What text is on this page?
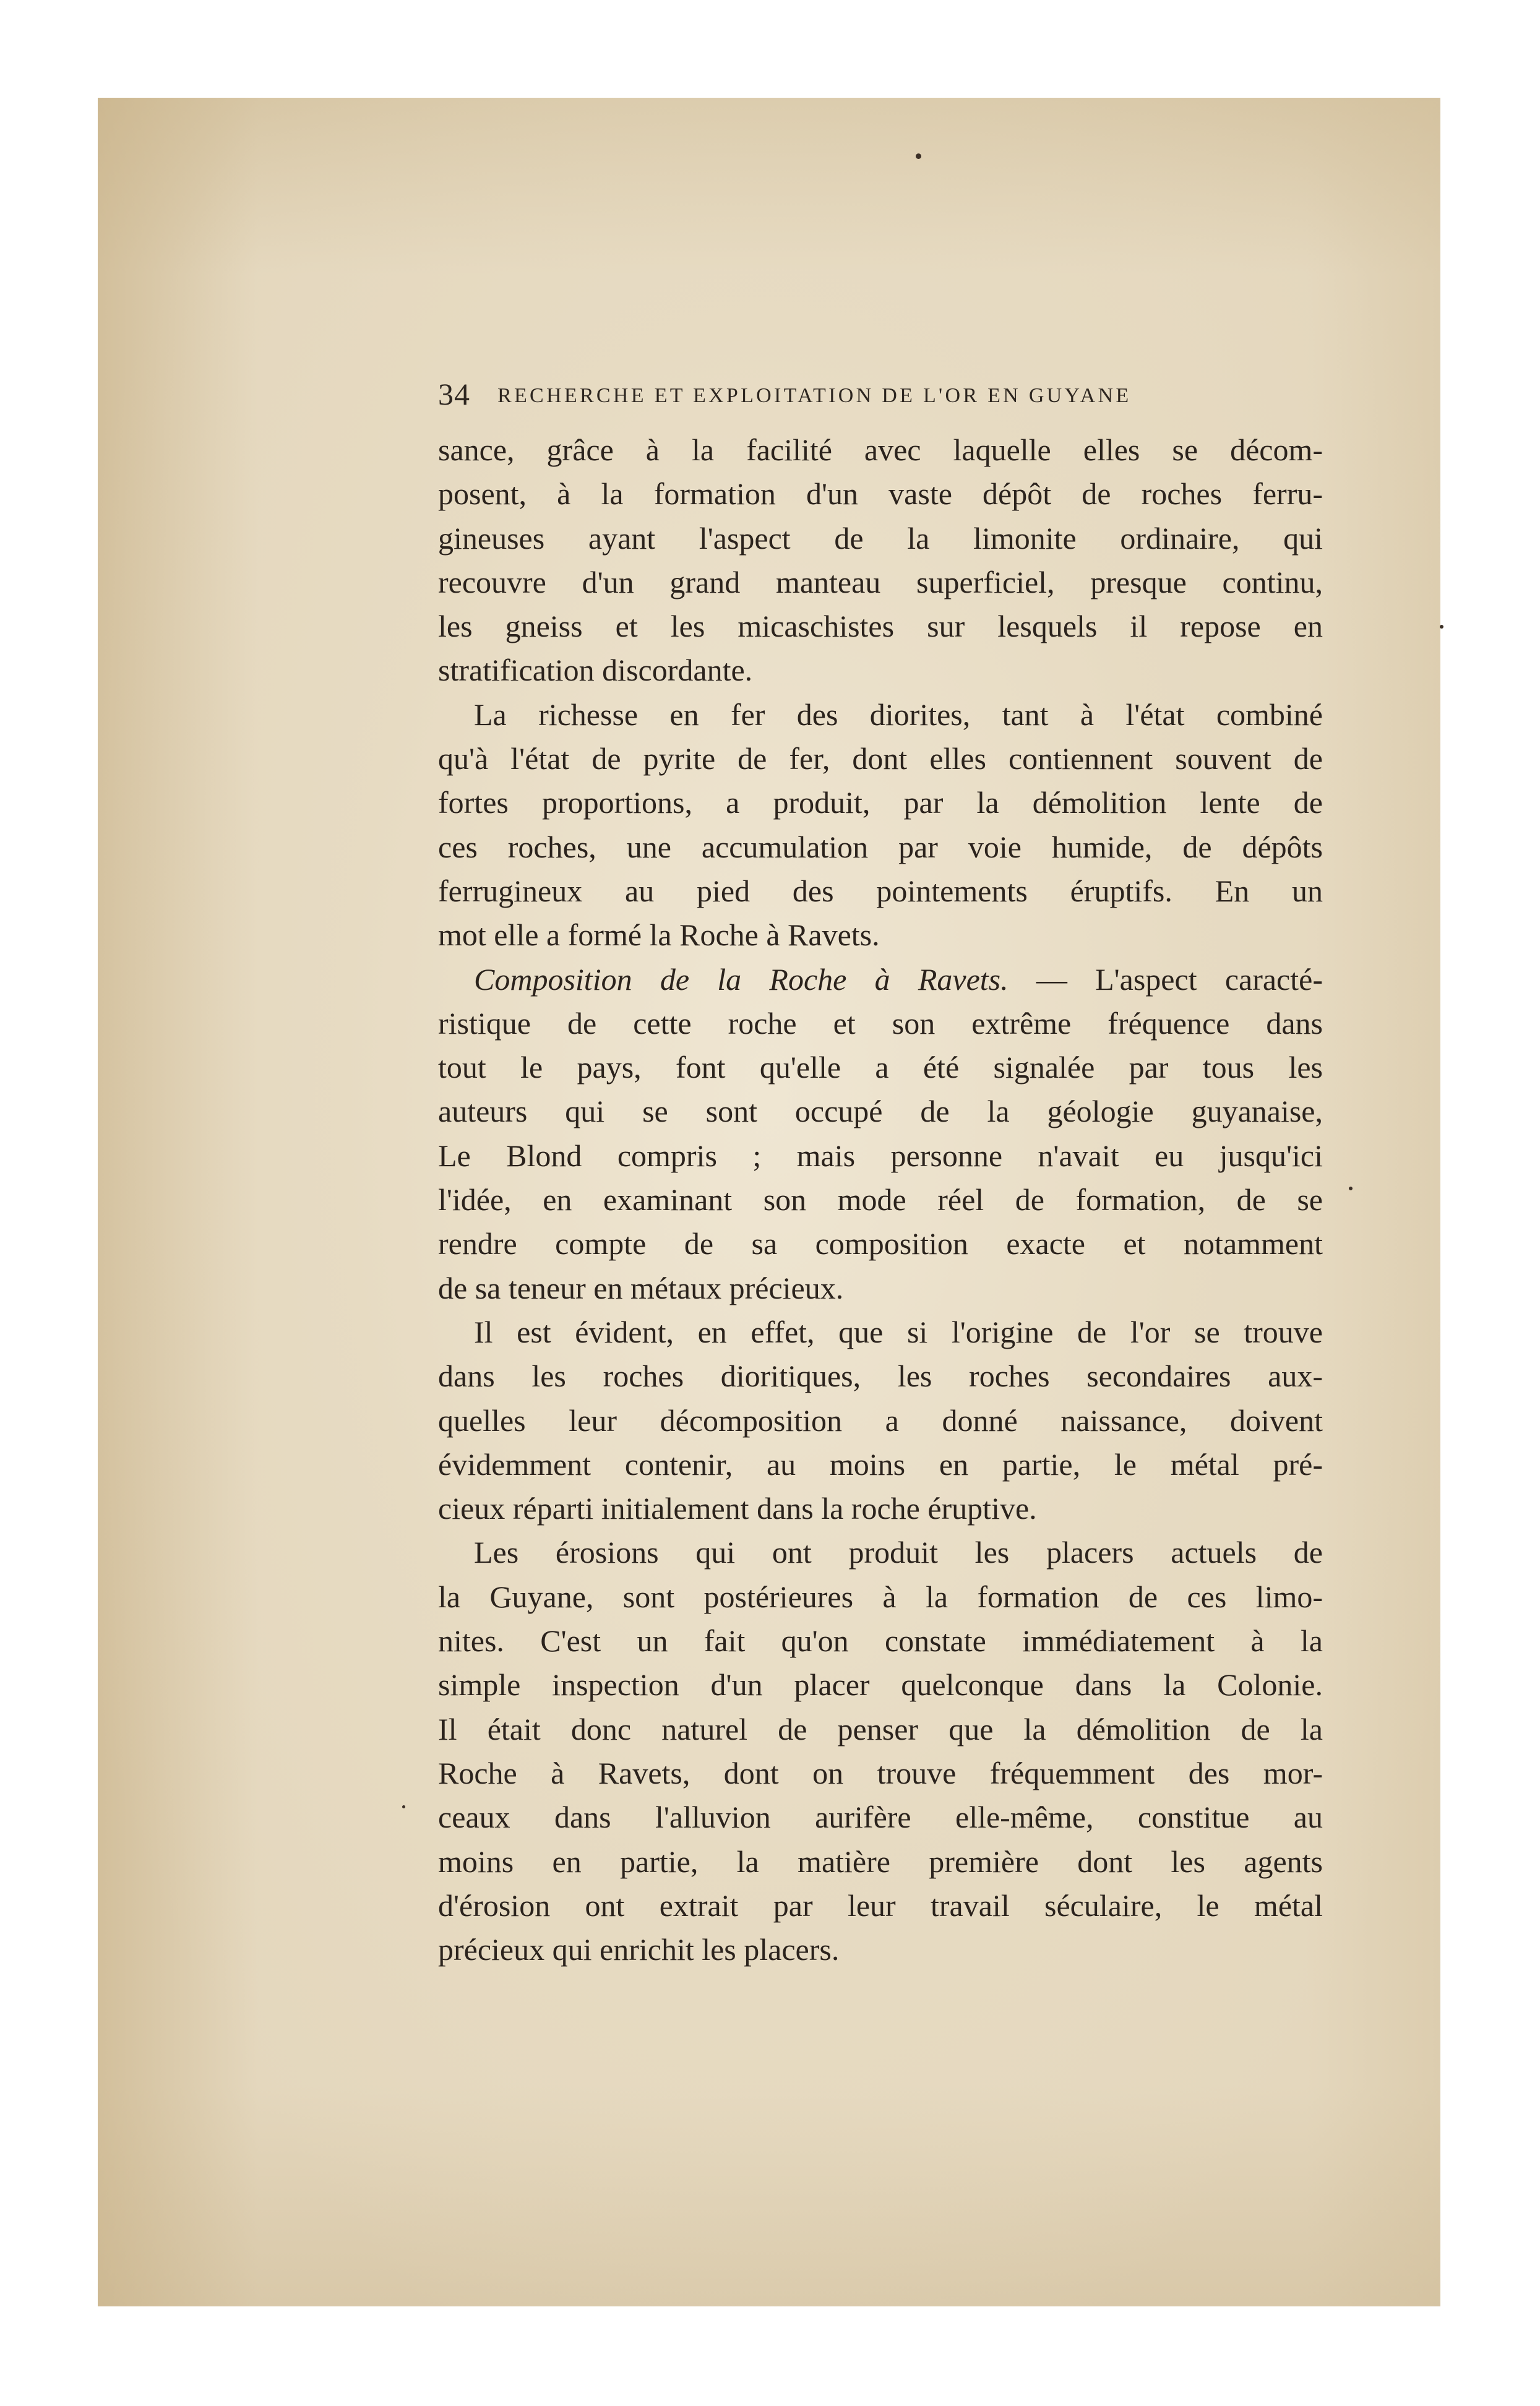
34 RECHERCHE ET EXPLOITATION DE L'OR EN GUYANE
sance, grâce à la facilité avec laquelle elles se décom-
posent, à la formation d'un vaste dépôt de roches ferru-
gineuses ayant l'aspect de la limonite ordinaire, qui
recouvre d'un grand manteau superficiel, presque continu,
les gneiss et les micaschistes sur lesquels il repose en
stratification discordante.
La richesse en fer des diorites, tant à l'état combiné
qu'à l'état de pyrite de fer, dont elles contiennent souvent de
fortes proportions, a produit, par la démolition lente de
ces roches, une accumulation par voie humide, de dépôts
ferrugineux au pied des pointements éruptifs. En un
mot elle a formé la Roche à Ravets.
Composition de la Roche à Ravets. — L'aspect caracté-
ristique de cette roche et son extrême fréquence dans
tout le pays, font qu'elle a été signalée par tous les
auteurs qui se sont occupé de la géologie guyanaise,
Le Blond compris ; mais personne n'avait eu jusqu'ici
l'idée, en examinant son mode réel de formation, de se
rendre compte de sa composition exacte et notamment
de sa teneur en métaux précieux.
Il est évident, en effet, que si l'origine de l'or se trouve
dans les roches dioritiques, les roches secondaires aux-
quelles leur décomposition a donné naissance, doivent
évidemment contenir, au moins en partie, le métal pré-
cieux réparti initialement dans la roche éruptive.
Les érosions qui ont produit les placers actuels de
la Guyane, sont postérieures à la formation de ces limo-
nites. C'est un fait qu'on constate immédiatement à la
simple inspection d'un placer quelconque dans la Colonie.
Il était donc naturel de penser que la démolition de la
Roche à Ravets, dont on trouve fréquemment des mor-
ceaux dans l'alluvion aurifère elle-même, constitue au
moins en partie, la matière première dont les agents
d'érosion ont extrait par leur travail séculaire, le métal
précieux qui enrichit les placers.
